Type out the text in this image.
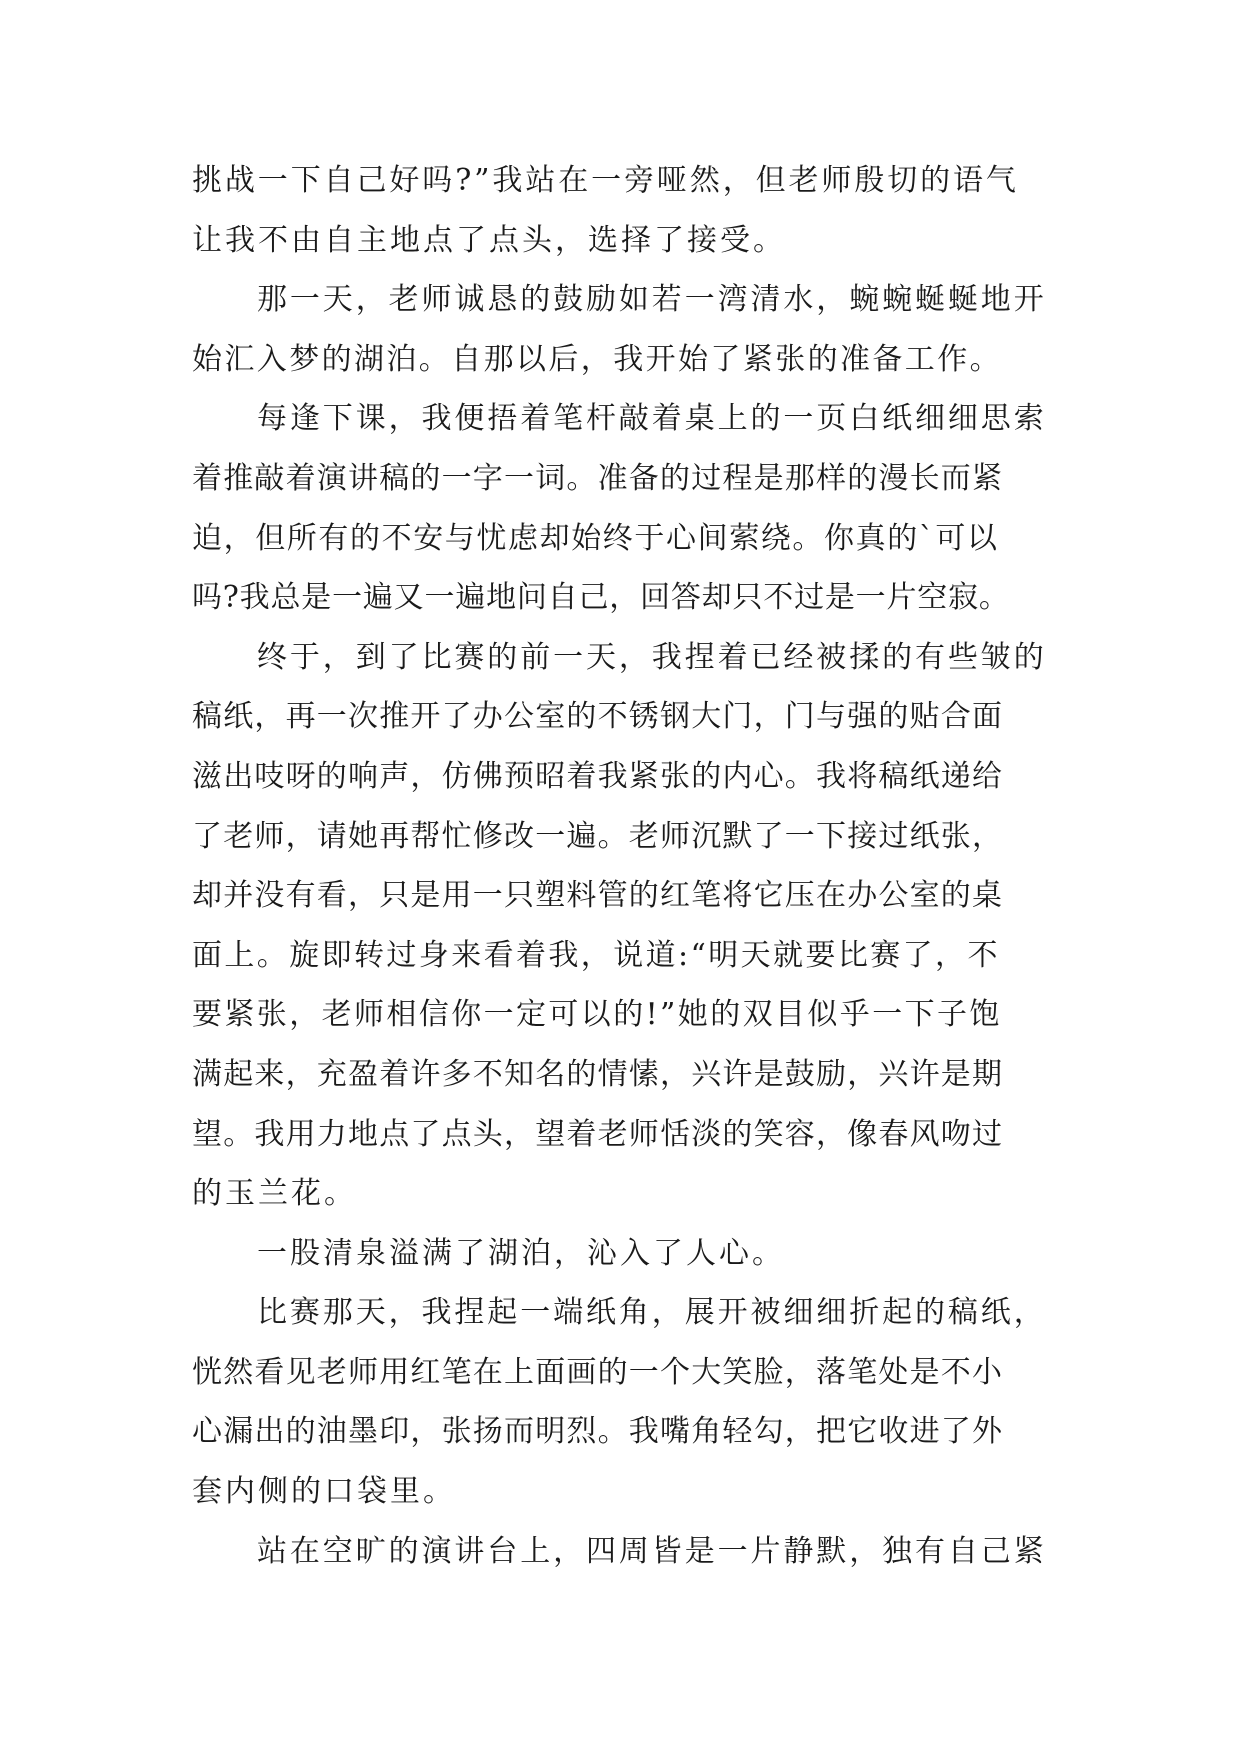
挑战一下自己好吗?”我站在一旁哑然，但老师殷切的语气
让我不由自主地点了点头，选择了接受。
那一天，老师诚恳的鼓励如若一湾清水，蜿蜿蜒蜒地开
始汇入梦的湖泊。自那以后，我开始了紧张的准备工作。
每逢下课，我便捂着笔杆敲着桌上的一页白纸细细思索
着推敲着演讲稿的一字一词。准备的过程是那样的漫长而紧
迫，但所有的不安与忧虑却始终于心间萦绕。你真的`可以
吗?我总是一遍又一遍地问自己，回答却只不过是一片空寂。
终于，到了比赛的前一天，我捏着已经被揉的有些皱的
稿纸，再一次推开了办公室的不锈钢大门，门与强的贴合面
滋出吱呀的响声，仿佛预昭着我紧张的内心。我将稿纸递给
了老师，请她再帮忙修改一遍。老师沉默了一下接过纸张，
却并没有看，只是用一只塑料管的红笔将它压在办公室的桌
面上。旋即转过身来看着我，说道:“明天就要比赛了，不
要紧张，老师相信你一定可以的!”她的双目似乎一下子饱
满起来，充盈着许多不知名的情愫，兴许是鼓励，兴许是期
望。我用力地点了点头，望着老师恬淡的笑容，像春风吻过
的玉兰花。
一股清泉溢满了湖泊，沁入了人心。
比赛那天，我捏起一端纸角，展开被细细折起的稿纸，
恍然看见老师用红笔在上面画的一个大笑脸，落笔处是不小
心漏出的油墨印，张扬而明烈。我嘴角轻勾，把它收进了外
套内侧的口袋里。
站在空旷的演讲台上，四周皆是一片静默，独有自己紧
